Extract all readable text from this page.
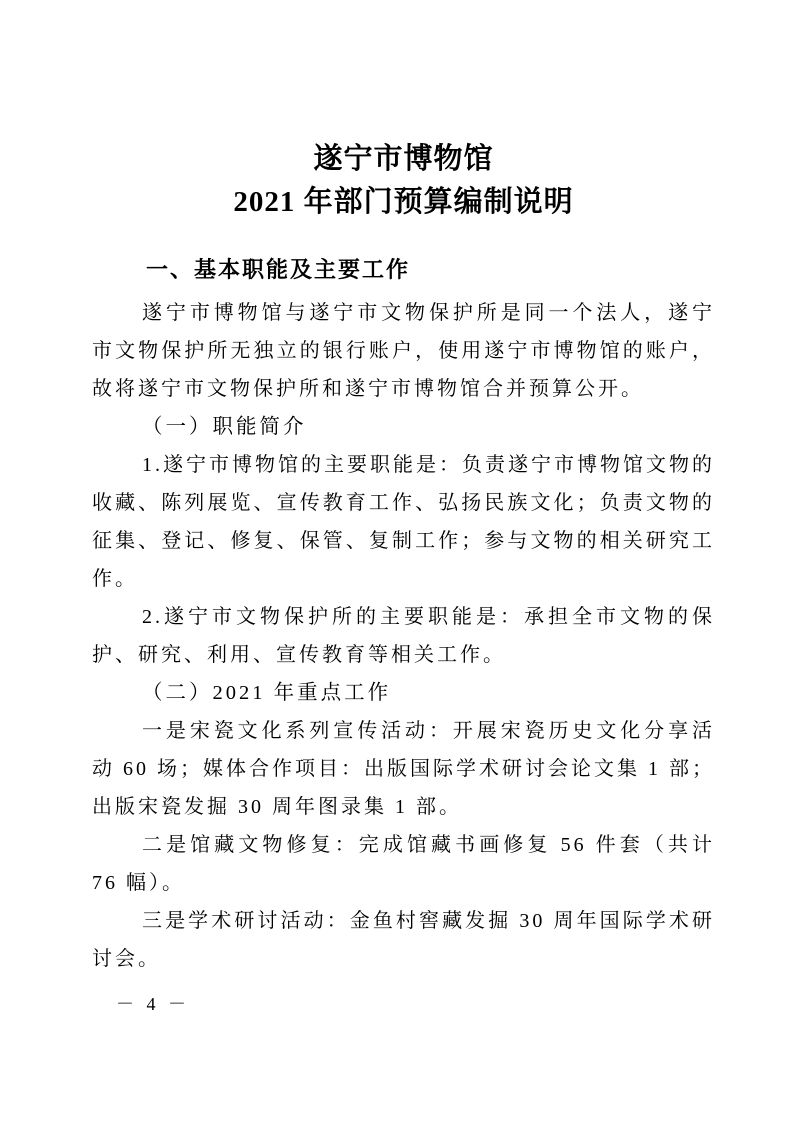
遂宁市博物馆
2021 年部门预算编制说明
一、基本职能及主要工作

遂宁市博物馆与遂宁市文物保护所是同一个法人，遂宁市文物保护所无独立的银行账户，使用遂宁市博物馆的账户，故将遂宁市文物保护所和遂宁市博物馆合并预算公开。

（一）职能简介

1.遂宁市博物馆的主要职能是：负责遂宁市博物馆文物的收藏、陈列展览、宣传教育工作、弘扬民族文化；负责文物的征集、登记、修复、保管、复制工作；参与文物的相关研究工作。

2.遂宁市文物保护所的主要职能是：承担全市文物的保护、研究、利用、宣传教育等相关工作。

（二）2021 年重点工作

一是宋瓷文化系列宣传活动：开展宋瓷历史文化分享活动 60 场；媒体合作项目：出版国际学术研讨会论文集 1 部；出版宋瓷发掘 30 周年图录集 1 部。

二是馆藏文物修复：完成馆藏书画修复 56 件套（共计 76 幅）。

三是学术研讨活动：金鱼村窖藏发掘 30 周年国际学术研讨会。

－ 4 －
